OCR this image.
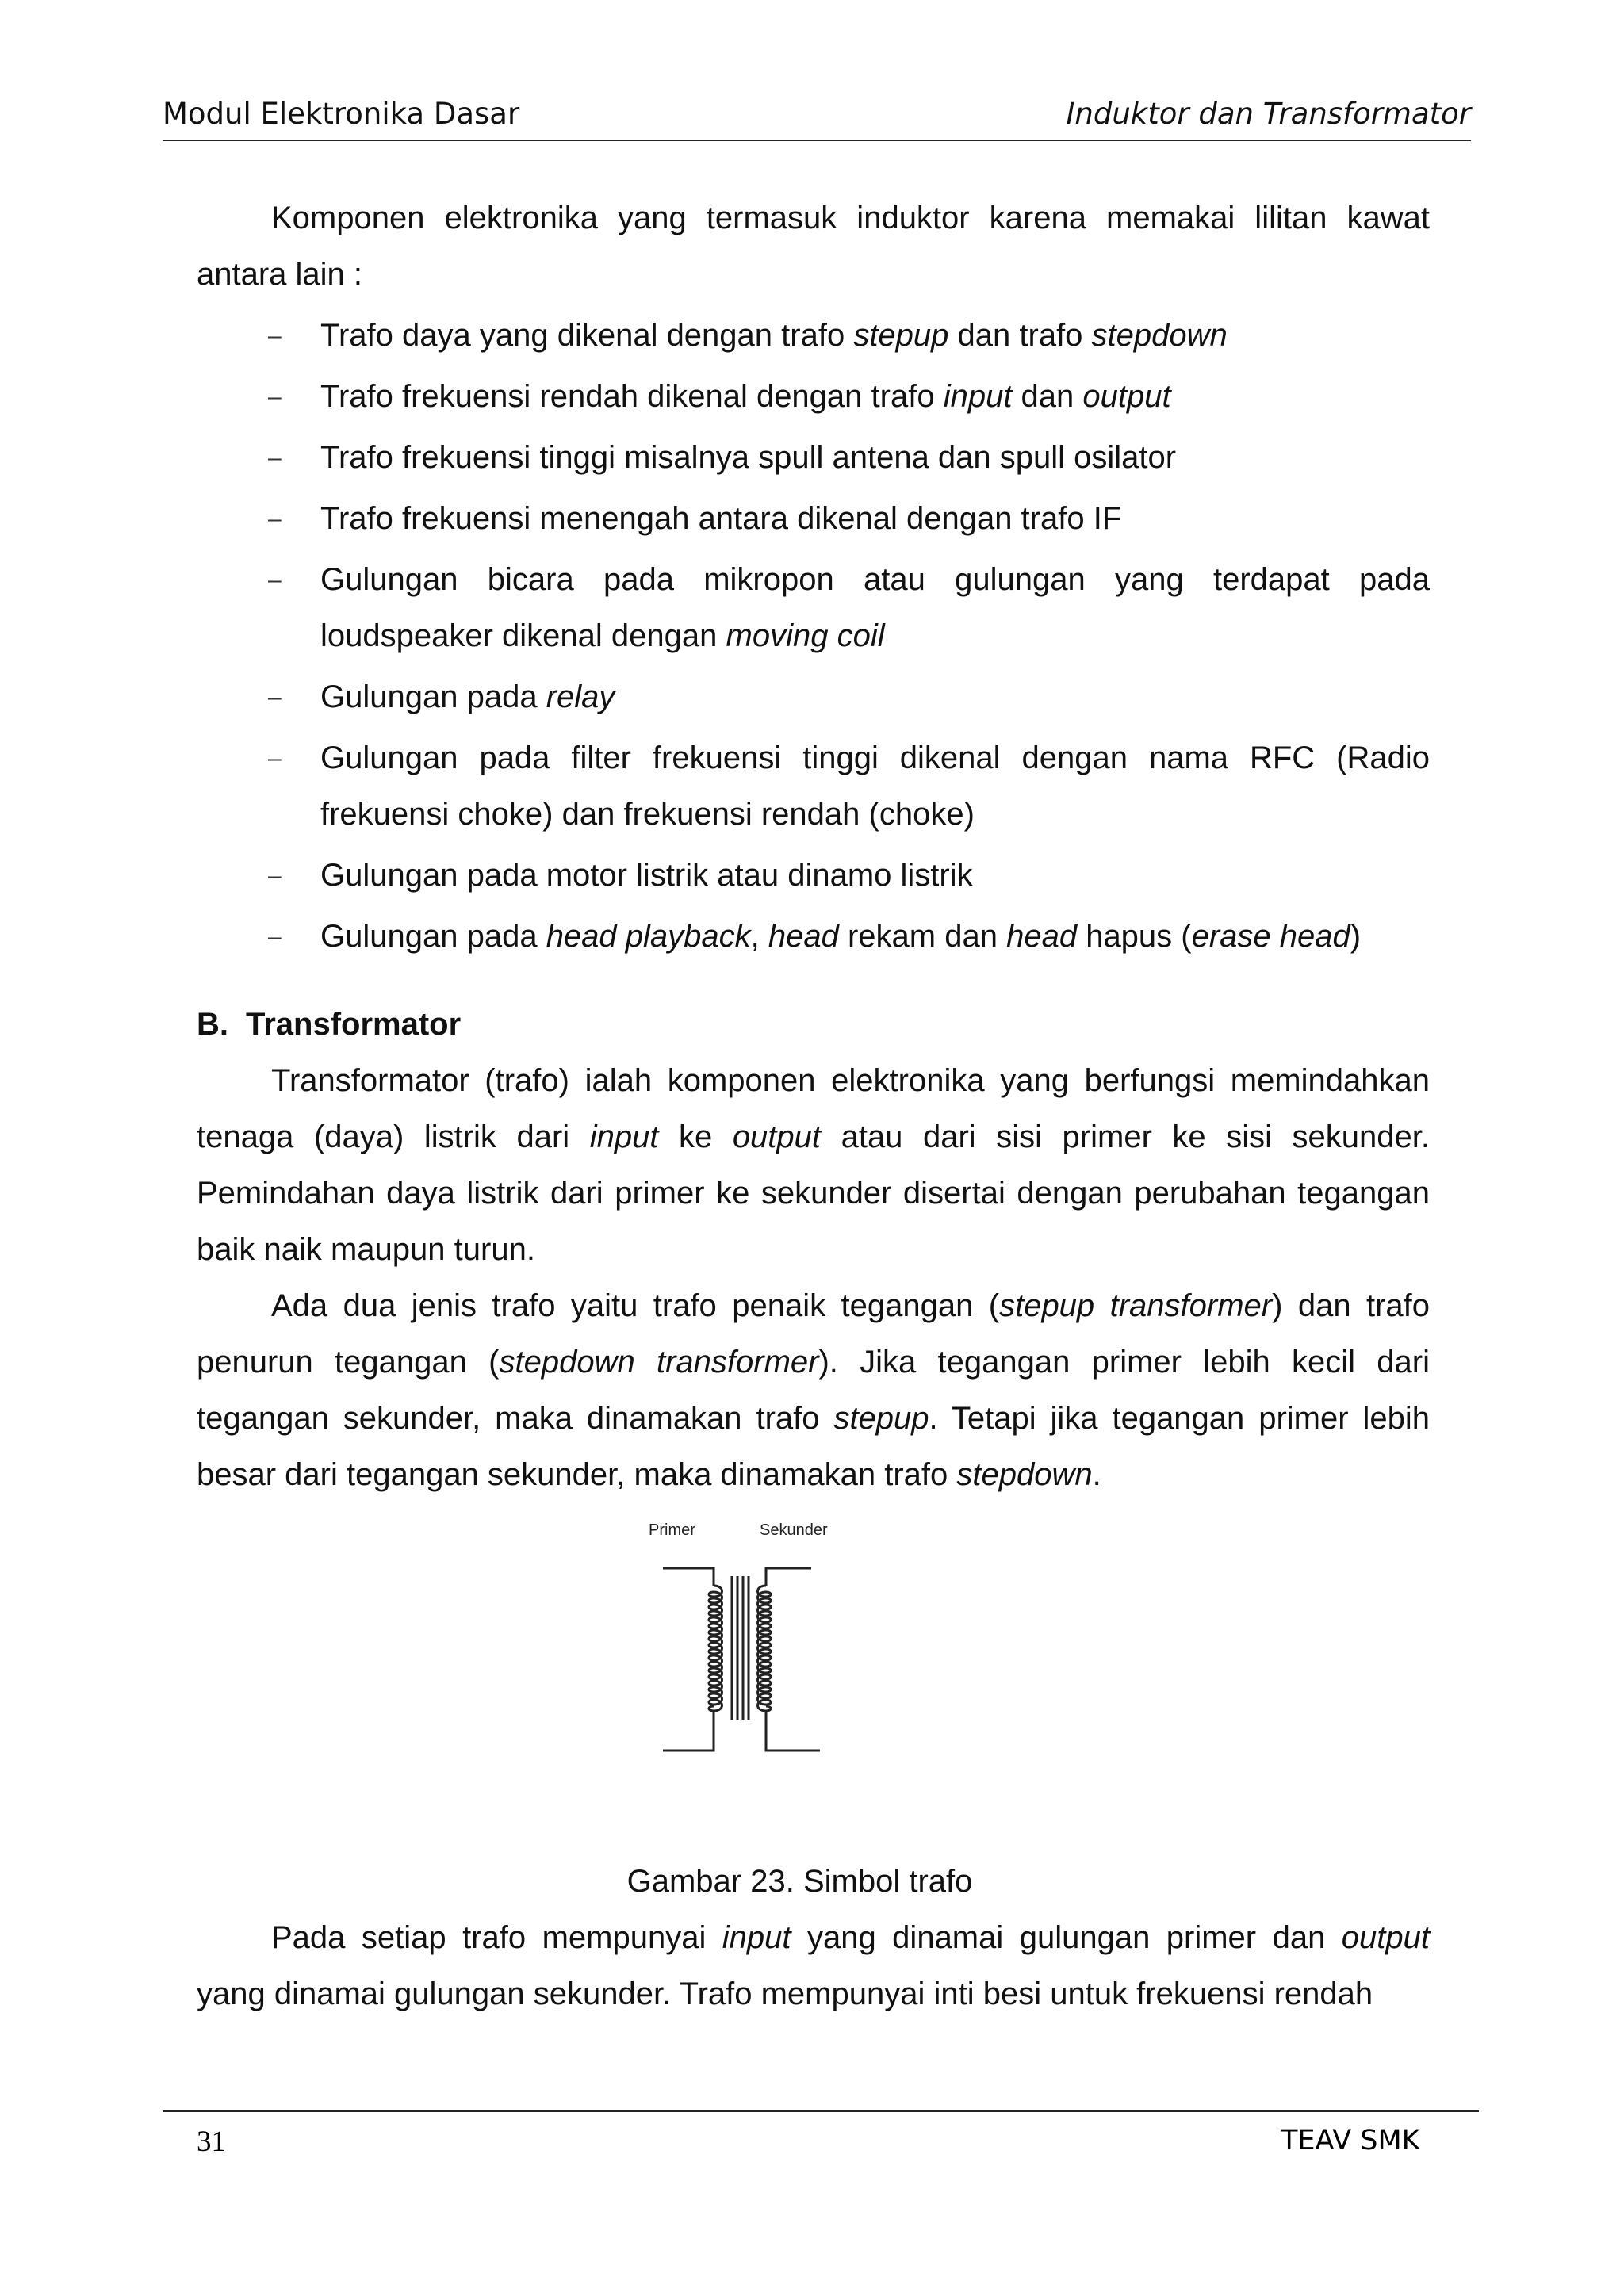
Modul Elektronika Dasar	Induktor dan Transformator

Komponen elektronika yang termasuk induktor karena memakai lilitan kawat antara lain :

‒ Trafo daya yang dikenal dengan trafo stepup dan trafo stepdown
‒ Trafo frekuensi rendah dikenal dengan trafo input dan output
‒ Trafo frekuensi tinggi misalnya spull antena dan spull osilator
‒ Trafo frekuensi menengah antara dikenal dengan trafo IF
‒ Gulungan bicara pada mikropon atau gulungan yang terdapat pada loudspeaker dikenal dengan moving coil
‒ Gulungan pada relay
‒ Gulungan pada filter frekuensi tinggi dikenal dengan nama RFC (Radio frekuensi choke) dan frekuensi rendah (choke)
‒ Gulungan pada motor listrik atau dinamo listrik
‒ Gulungan pada head playback, head rekam dan head hapus (erase head)
B. Transformator

Transformator (trafo) ialah komponen elektronika yang berfungsi memindahkan tenaga (daya) listrik dari input ke output atau dari sisi primer ke sisi sekunder. Pemindahan daya listrik dari primer ke sekunder disertai dengan perubahan tegangan baik naik maupun turun.

Ada dua jenis trafo yaitu trafo penaik tegangan (stepup transformer) dan trafo penurun tegangan (stepdown transformer). Jika tegangan primer lebih kecil dari tegangan sekunder, maka dinamakan trafo stepup. Tetapi jika tegangan primer lebih besar dari tegangan sekunder, maka dinamakan trafo stepdown.

Primer	Sekunder

Gambar 23. Simbol trafo

Pada setiap trafo mempunyai input yang dinamai gulungan primer dan output yang dinamai gulungan sekunder. Trafo mempunyai inti besi untuk frekuensi rendah

31	TEAV SMK
